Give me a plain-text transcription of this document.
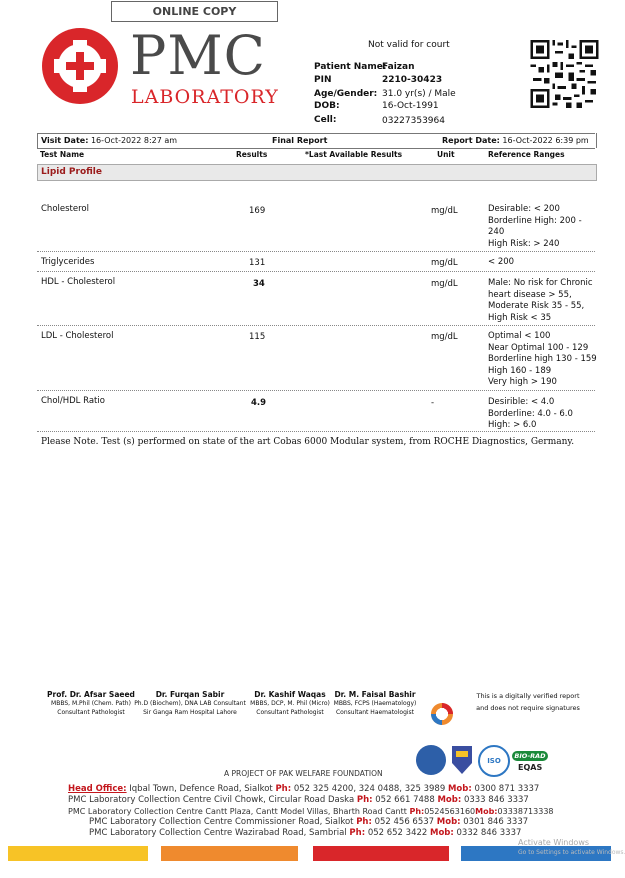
ONLINE COPY
PMC
LABORATORY
Not valid for court
Patient Name:
Faizan
PIN	2210-30423
Age/Gender: 31.0 yr(s) / Male
DOB:	16-Oct-1991
Cell:	03227353964
Visit Date: 16-Oct-2022 8:27 am	Final Report	Report Date: 16-Oct-2022 6:39 pm
Test Name	Results	*Last Available Results	Unit	Reference Ranges
Lipid Profile
Cholesterol	169	mg/dL	Desirable: < 200
Borderline High: 200 -
240
High Risk: > 240
Triglycerides	131	mg/dL	< 200
HDL - Cholesterol	34	mg/dL	Male: No risk for Chronic
heart disease > 55,
Moderate Risk 35 - 55,
High Risk < 35
LDL - Cholesterol	115	mg/dL	Optimal < 100
Near Optimal 100 - 129
Borderline high 130 - 159
High 160 - 189
Very high > 190
Chol/HDL Ratio	4.9	-	Desirible: < 4.0
Borderline: 4.0 - 6.0
High: > 6.0
Please Note. Test (s) performed on state of the art Cobas 6000 Modular system, from ROCHE Diagnostics, Germany.
Prof. Dr. Afsar Saeed
MBBS, M.Phil (Chem. Path)
Consultant Pathologist
Dr. Furqan Sabir
Ph.D (Biochem), DNA LAB Consultant
Sir Ganga Ram Hospital Lahore
Dr. Kashif Waqas
MBBS, DCP, M. Phil (Micro)
Consultant Pathologist
Dr. M. Faisal Bashir
MBBS, FCPS (Haematology)
Consultant Haematologist
This is a digitally verified report
and does not require signatures
ISO
BIO-RAD
EQAS
A PROJECT OF PAK WELFARE FOUNDATION
Head Office: Iqbal Town, Defence Road, Sialkot Ph: 052 325 4200, 324 0488, 325 3989 Mob: 0300 871 3337
PMC Laboratory Collection Centre Civil Chowk, Circular Road Daska Ph: 052 661 7488 Mob: 0333 846 3337
PMC Laboratory Collection Centre Cantt Plaza, Cantt Model Villas, Bharth Road Cantt Ph:0524563160Mob:03338713338
PMC Laboratory Collection Centre Commissioner Road, Sialkot Ph: 052 456 6537 Mob: 0301 846 3337
PMC Laboratory Collection Centre Wazirabad Road, Sambrial Ph: 052 652 3422 Mob: 0332 846 3337
Activate Windows
Go to Settings to activate Windows.
